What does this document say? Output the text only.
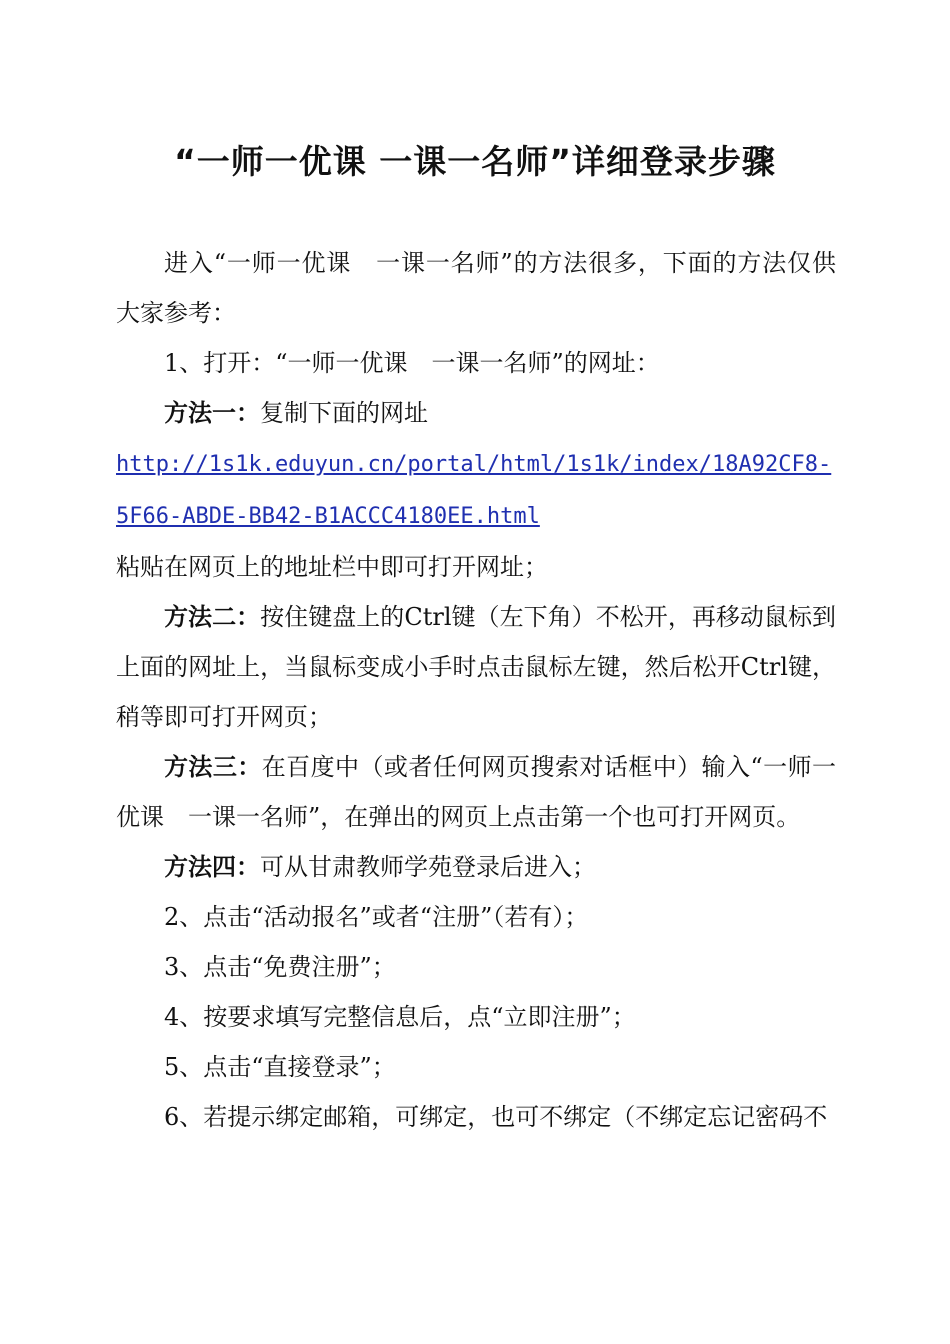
“一师一优课 一课一名师”详细登录步骤

进入“一师一优课　一课一名师”的方法很多，下面的方法仅供大家参考：

1、打开：“一师一优课　一课一名师”的网址：

方法一：复制下面的网址

http://1s1k.eduyun.cn/portal/html/1s1k/index/18A92CF8-5F66-ABDE-BB42-B1ACCC4180EE.html

粘贴在网页上的地址栏中即可打开网址；

方法二：按住键盘上的Ctrl键（左下角）不松开，再移动鼠标到上面的网址上，当鼠标变成小手时点击鼠标左键，然后松开Ctrl键，稍等即可打开网页；

方法三：在百度中（或者任何网页搜索对话框中）输入“一师一优课　一课一名师”，在弹出的网页上点击第一个也可打开网页。

方法四：可从甘肃教师学苑登录后进入；

2、点击“活动报名”或者“注册”（若有）；

3、点击“免费注册”；

4、按要求填写完整信息后，点“立即注册”；

5、点击“直接登录”；

6、若提示绑定邮箱，可绑定，也可不绑定（不绑定忘记密码不
